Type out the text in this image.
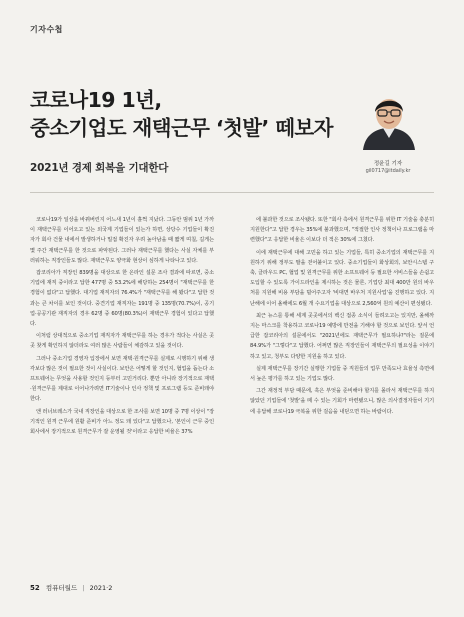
기자수첩
코로나19 1년,
중소기업도 재택근무 ‘첫발’ 떼보자
2021년 경제 회복을 기대한다	정윤길 기자
gil0717@itdaily.kr

코로나19가 일상을 바꿔버린지 어느새 1년이 흘쩍 지났다. 그동안 범위 1년 가까이 재택근무를 이어오고 있는 외국계 기업들이 있는가 하면, 상당수 기업들이 확진자가 회사 건물 내에서 발생하거나 밀접 확진자 우려 높아남을 때 짧게 며칠, 길게는 몇 주간 재택근무를 한 것으로 파악된다. 그러나 재택근무를 했다는 사실 자체를 부러워하는 직장인들도 많다. 재택근무도 양극화 현상이 심하게 나타나고 있다.

잡코리아가 직장인 839명을 대상으로 한 온라인 설문 조사 결과에 따르면, 중소기업에 재직 중이라고 답한 477명 중 53.2%에 해당하는 254명이 "재택근무를 한 경험이 없다"고 답했다. 대기업 재직자의 76.4%가 "재택근무를 해 봤다"고 답한 것과는 큰 차이를 보인 것이다. 중견기업 재직자는 191명 중 135명(70.7%)이, 공기업·공공기관 재직자의 경우 62명 중 60명(80.3%)이 재택근무 경험이 있다고 답했다.

이처럼 상대적으로 중소기업 재직자가 재택근무를 하는 경우가 적다는 사실은 곳곳 찾게 확인하지 않더라도 여러 많은 사람들이 체감하고 있을 것이다.

그러나 중소기업 경영자 입장에서 보면 재택·원격근무를 실제로 시행하기 위해 생각보다 많은 것이 필요한 것이 사실이다. 보안은 어떻게 할 것인지, 협업을 돕는다 소프트웨어는 무엇을 사용할 것인지 등부터 고민거리다. 뿐만 아니라 장기적으로 재택·원격근무를 제대로 이어나가려면 IT기술이나 인사 정책 및 프로그램 등도 준비돼야 한다.

앤 러너브레스가 국내 직장인을 대상으로 한 조사를 보면 10명 중 7명 이상이 "장기적인 원격 근무에 원활 준비가 아느 정도 돼 있다"고 답했으나, '본인이 근무 중인 회사에서 장기적으로 원격근무가 잘 운영될 것'이라고 응답한 비율은 37%

에 불과한 것으로 조사됐다. 또한 "회사 측에서 원격근무를 위한 IT 기술을 충분히 지원한다"고 답한 경우는 35%에 불과했으며, "적절한 인사 정책이나 프로그램을 마련했다"고 응답한 비율은 이보다 더 적은 30%에 그쳤다.

이에 재택근무에 대해 고민을 하고 있는 기업들, 특히 중소기업의 재택근무를 지원하기 위해 정부도 팔을 걷어붙이고 있다. 중소기업들이 화상회의, 보안시스템 구축, 클라우드 PC, 협업 및 원격근무를 위한 소프트웨어 등 필요한 서비스들을 손쉽고 도입할 수 있도록 가이드라인을 제시하는 것은 물론, 기업당 최대 400만 원의 바우처를 지원해 비용 부담을 덜어주고자 '비대면 바우처 지원사업'을 진행하고 있다. 지난해에 이어 올해에도 6월 개 수요기업을 대상으로 2,560억 원의 예산이 편성됐다.

최근 뉴스를 통해 세계 곳곳에서의 백신 접종 소식이 들려오고는 있지만, 올해까지는 마스크를 착용하고 코로나19 예방에 만전을 기해야 할 것으로 보인다. 앞서 언급한 잡코리아의 설문에서도 "2021년에도 재택근무가 필요하냐?"라는 질문에 84.9%가 "그렇다"고 답했다. 어쩌면 많은 직장인들이 재택근무의 필요성을 이야기하고 있고, 청부도 다양한 지원을 하고 있다.

실제 재택근무를 장기간 실행한 기업들 중 직원들의 업무 만족도나 효율성 측면에서 높은 평가를 하고 있는 기업도 많다.

그간 재정적 부담 때문에, 혹은 부엇을 준비해야 할지를 몰라서 재택근무를 하지 않았던 기업들에 '첫발'을 떼 수 있는 기회가 마련됐으니, 많은 의사결정자들이 기기에 응답해 코로나19 극복을 위한 걸음을 내딛으면 하는 바람이다.

52 컴퓨터월드 | 2021·2
